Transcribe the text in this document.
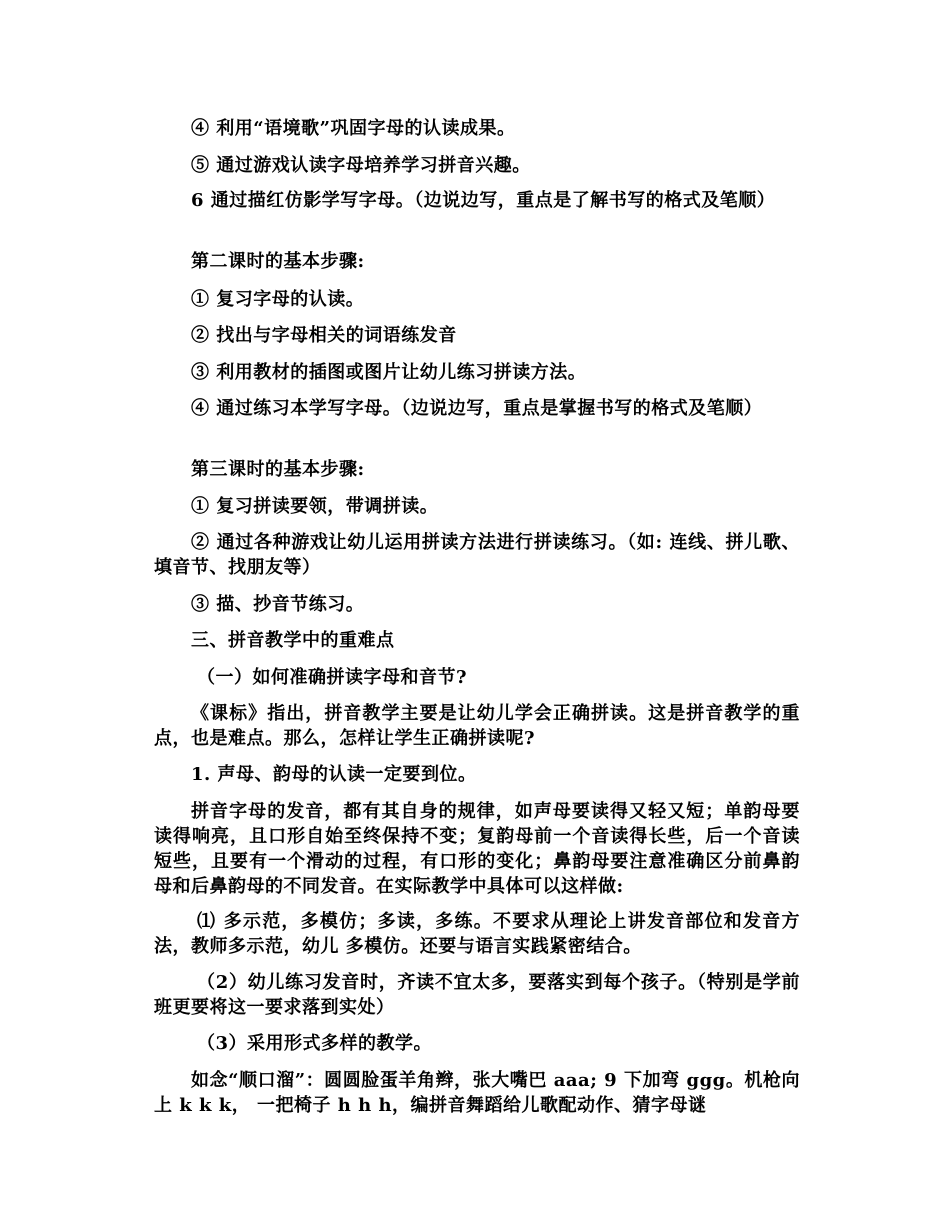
④ 利用“语境歌”巩固字母的认读成果。

⑤ 通过游戏认读字母培养学习拼音兴趣。

6 通过描红仿影学写字母。（边说边写，重点是了解书写的格式及笔顺）

第二课时的基本步骤:

① 复习字母的认读。

② 找出与字母相关的词语练发音

③ 利用教材的插图或图片让幼儿练习拼读方法。

④ 通过练习本学写字母。（边说边写，重点是掌握书写的格式及笔顺）

第三课时的基本步骤:

① 复习拼读要领，带调拼读。

② 通过各种游戏让幼儿运用拼读方法进行拼读练习。（如: 连线、拼儿歌、填音节、找朋友等）

③ 描、抄音节练习。

三、拼音教学中的重难点

（一）如何准确拼读字母和音节?

《课标》指出，拼音教学主要是让幼儿学会正确拼读。这是拼音教学的重点，也是难点。那么，怎样让学生正确拼读呢?

1. 声母、韵母的认读一定要到位。

拼音字母的发音，都有其自身的规律，如声母要读得又轻又短；单韵母要读得响亮，且口形自始至终保持不变；复韵母前一个音读得长些，后一个音读短些，且要有一个滑动的过程，有口形的变化；鼻韵母要注意准确区分前鼻韵母和后鼻韵母的不同发音。在实际教学中具体可以这样做:

⑴ 多示范，多模仿；多读，多练。不要求从理论上讲发音部位和发音方法，教师多示范，幼儿 多模仿。还要与语言实践紧密结合。

（2）幼儿练习发音时，齐读不宜太多，要落实到每个孩子。（特别是学前班更要将这一要求落到实处）

（3）采用形式多样的教学。

如念“顺口溜”：圆圆脸蛋羊角辫，张大嘴巴 aaa; 9 下加弯 ggg。机枪向上 k k k， 一把椅子 h h h，编拼音舞蹈给儿歌配动作、猜字母谜
